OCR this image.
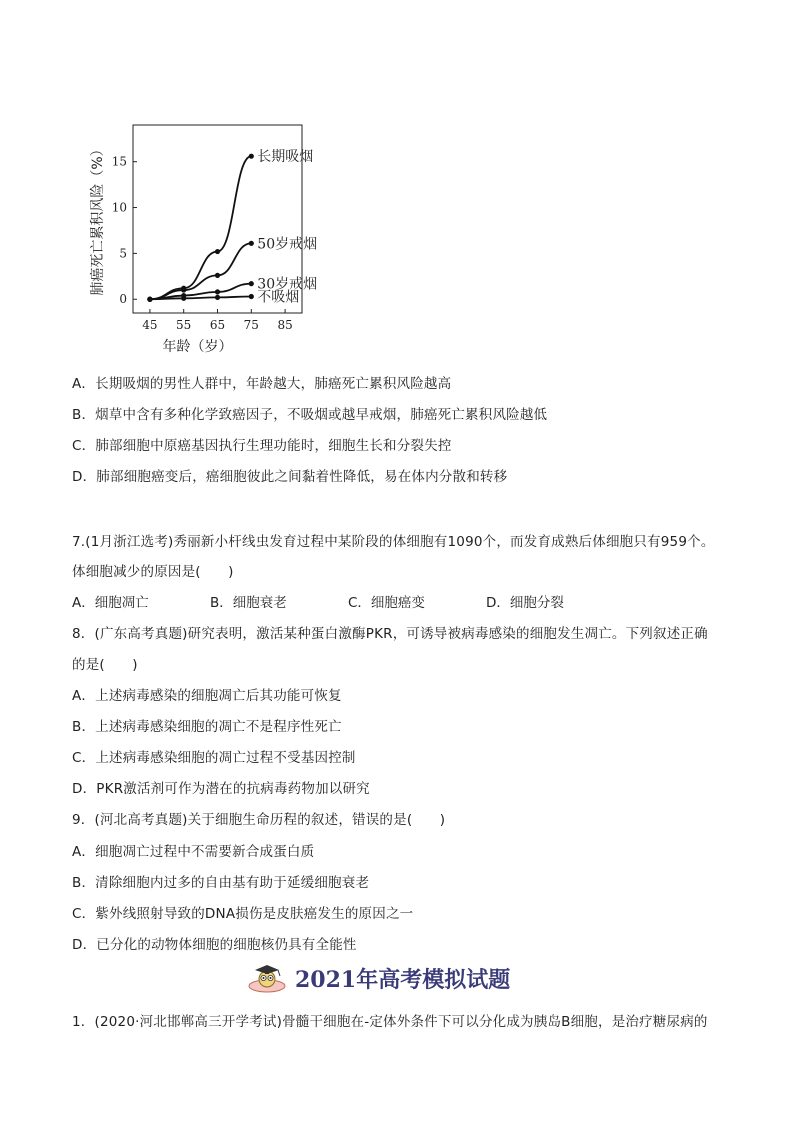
0
5
10
15
45 55 65 75 85
年龄（岁）
肺癌死亡累积风险（%）	长期吸烟
50岁戒烟
30岁戒烟
不吸烟
A．长期吸烟的男性人群中，年龄越大，肺癌死亡累积风险越高
B．烟草中含有多种化学致癌因子，不吸烟或越早戒烟，肺癌死亡累积风险越低
C．肺部细胞中原癌基因执行生理功能时，细胞生长和分裂失控
D．肺部细胞癌变后，癌细胞彼此之间黏着性降低，易在体内分散和转移
7.(1月浙江选考)秀丽新小杆线虫发育过程中某阶段的体细胞有1090个，而发育成熟后体细胞只有959个。
体细胞减少的原因是(　　)
A．细胞凋亡	B．细胞衰老	C．细胞癌变	D．细胞分裂
8．(广东高考真题)研究表明，激活某种蛋白激酶PKR，可诱导被病毒感染的细胞发生凋亡。下列叙述正确
的是(　　)
A．上述病毒感染的细胞凋亡后其功能可恢复
B．上述病毒感染细胞的凋亡不是程序性死亡
C．上述病毒感染细胞的凋亡过程不受基因控制
D．PKR激活剂可作为潜在的抗病毒药物加以研究
9．(河北高考真题)关于细胞生命历程的叙述，错误的是(　　)
A．细胞凋亡过程中不需要新合成蛋白质
B．清除细胞内过多的自由基有助于延缓细胞衰老
C．紫外线照射导致的DNA损伤是皮肤癌发生的原因之一
D．已分化的动物体细胞的细胞核仍具有全能性
2021年高考模拟试题
1．(2020·河北邯郸高三开学考试)骨髓干细胞在-定体外条件下可以分化成为胰岛B细胞，是治疗糖尿病的
